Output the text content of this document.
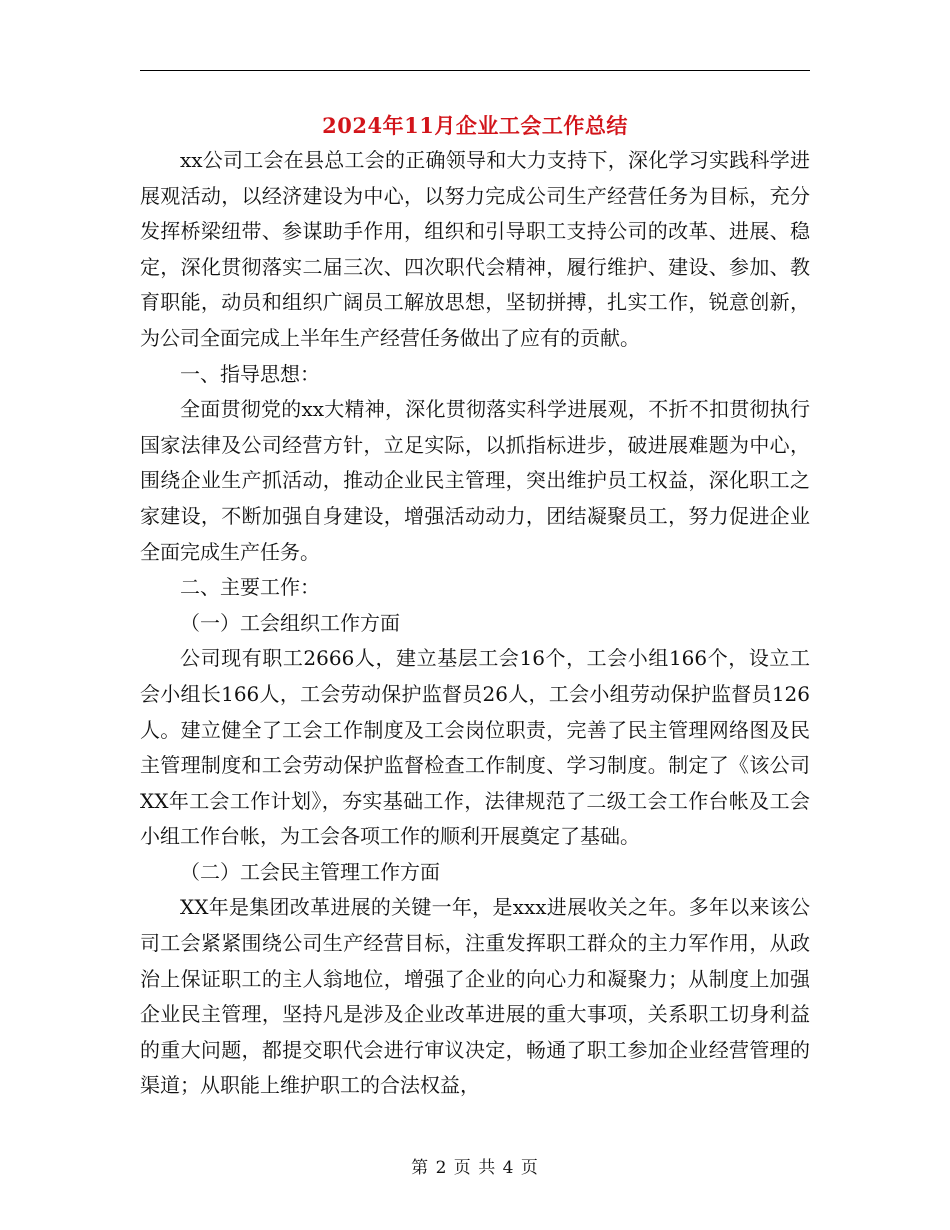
2024年11月企业工会工作总结

xx公司工会在县总工会的正确领导和大力支持下，深化学习实践科学进展观活动，以经济建设为中心，以努力完成公司生产经营任务为目标，充分发挥桥梁纽带、参谋助手作用，组织和引导职工支持公司的改革、进展、稳定，深化贯彻落实二届三次、四次职代会精神，履行维护、建设、参加、教育职能，动员和组织广阔员工解放思想，坚韧拼搏，扎实工作，锐意创新，为公司全面完成上半年生产经营任务做出了应有的贡献。

一、指导思想：

全面贯彻党的xx大精神，深化贯彻落实科学进展观，不折不扣贯彻执行国家法律及公司经营方针，立足实际，以抓指标进步，破进展难题为中心，围绕企业生产抓活动，推动企业民主管理，突出维护员工权益，深化职工之家建设，不断加强自身建设，增强活动动力，团结凝聚员工，努力促进企业全面完成生产任务。

二、主要工作：

（一）工会组织工作方面

公司现有职工2666人，建立基层工会16个，工会小组166个，设立工会小组长166人，工会劳动保护监督员26人，工会小组劳动保护监督员126人。建立健全了工会工作制度及工会岗位职责，完善了民主管理网络图及民主管理制度和工会劳动保护监督检查工作制度、学习制度。制定了《该公司XX年工会工作计划》，夯实基础工作，法律规范了二级工会工作台帐及工会小组工作台帐，为工会各项工作的顺利开展奠定了基础。

（二）工会民主管理工作方面

XX年是集团改革进展的关键一年，是xxx进展收关之年。多年以来该公司工会紧紧围绕公司生产经营目标，注重发挥职工群众的主力军作用，从政治上保证职工的主人翁地位，增强了企业的向心力和凝聚力；从制度上加强企业民主管理，坚持凡是涉及企业改革进展的重大事项，关系职工切身利益的重大问题，都提交职代会进行审议决定，畅通了职工参加企业经营管理的渠道；从职能上维护职工的合法权益，

第 2 页 共 4 页
